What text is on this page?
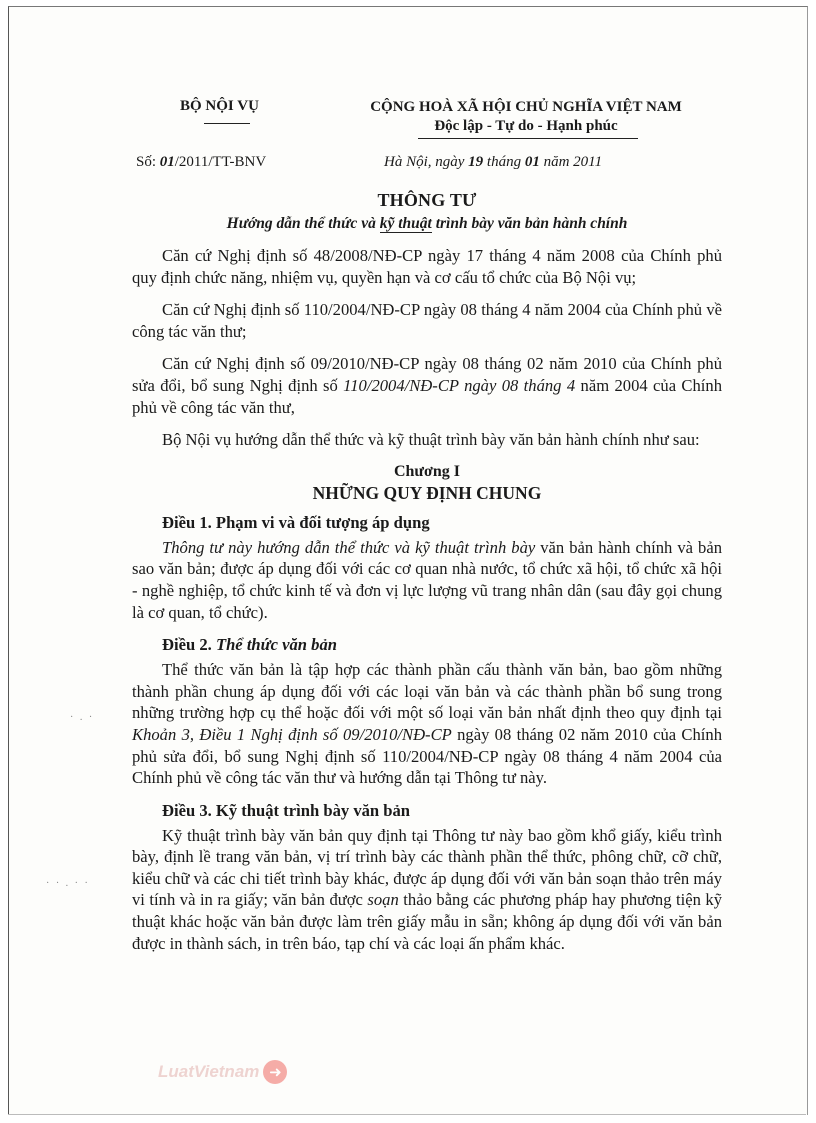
· . ·
· · . · ·
BỘ NỘI VỤ	CỘNG HOÀ XÃ HỘI CHỦ NGHĨA VIỆT NAM
Độc lập - Tự do - Hạnh phúc
Số: 01/2011/TT-BNV	Hà Nội, ngày 19 tháng 01 năm 2011
THÔNG TƯ
Hướng dẫn thể thức và kỹ thuật trình bày văn bản hành chính

Căn cứ Nghị định số 48/2008/NĐ-CP ngày 17 tháng 4 năm 2008 của Chính phủ quy định chức năng, nhiệm vụ, quyền hạn và cơ cấu tổ chức của Bộ Nội vụ;

Căn cứ Nghị định số 110/2004/NĐ-CP ngày 08 tháng 4 năm 2004 của Chính phủ về công tác văn thư;

Căn cứ Nghị định số 09/2010/NĐ-CP ngày 08 tháng 02 năm 2010 của Chính phủ sửa đổi, bổ sung Nghị định số 110/2004/NĐ-CP ngày 08 tháng 4 năm 2004 của Chính phủ về công tác văn thư,

Bộ Nội vụ hướng dẫn thể thức và kỹ thuật trình bày văn bản hành chính như sau:

Chương I
NHỮNG QUY ĐỊNH CHUNG
Điều 1. Phạm vi và đối tượng áp dụng

Thông tư này hướng dẫn thể thức và kỹ thuật trình bày văn bản hành chính và bản sao văn bản; được áp dụng đối với các cơ quan nhà nước, tổ chức xã hội, tổ chức xã hội - nghề nghiệp, tổ chức kinh tế và đơn vị lực lượng vũ trang nhân dân (sau đây gọi chung là cơ quan, tổ chức).

Điều 2. Thể thức văn bản

Thể thức văn bản là tập hợp các thành phần cấu thành văn bản, bao gồm những thành phần chung áp dụng đối với các loại văn bản và các thành phần bổ sung trong những trường hợp cụ thể hoặc đối với một số loại văn bản nhất định theo quy định tại Khoản 3, Điều 1 Nghị định số 09/2010/NĐ-CP ngày 08 tháng 02 năm 2010 của Chính phủ sửa đổi, bổ sung Nghị định số 110/2004/NĐ-CP ngày 08 tháng 4 năm 2004 của Chính phủ về công tác văn thư và hướng dẫn tại Thông tư này.

Điều 3. Kỹ thuật trình bày văn bản

Kỹ thuật trình bày văn bản quy định tại Thông tư này bao gồm khổ giấy, kiểu trình bày, định lề trang văn bản, vị trí trình bày các thành phần thể thức, phông chữ, cỡ chữ, kiểu chữ và các chi tiết trình bày khác, được áp dụng đối với văn bản soạn thảo trên máy vi tính và in ra giấy; văn bản được soạn thảo bằng các phương pháp hay phương tiện kỹ thuật khác hoặc văn bản được làm trên giấy mẫu in sẵn; không áp dụng đối với văn bản được in thành sách, in trên báo, tạp chí và các loại ấn phẩm khác.

LuatVietnam ➜
